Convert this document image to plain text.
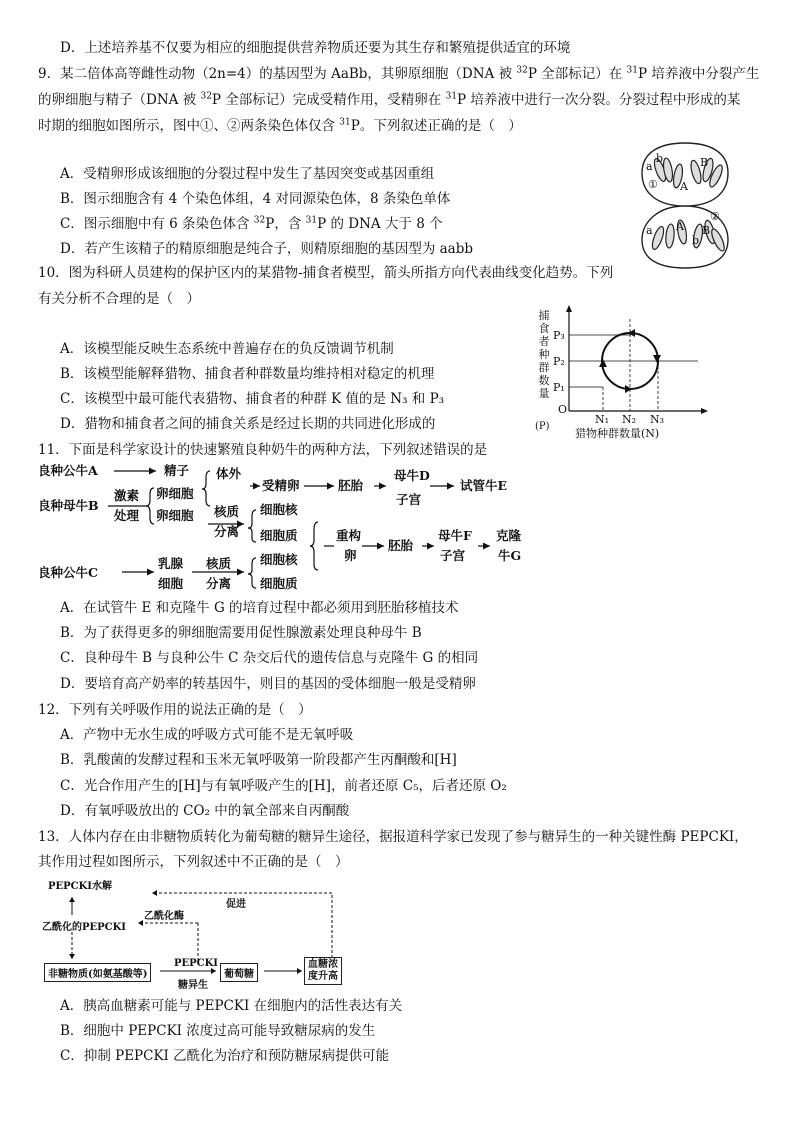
D．上述培养基不仅要为相应的细胞提供营养物质还要为其生存和繁殖提供适宜的环境
9．某二倍体高等雌性动物（2n=4）的基因型为 AaBb，其卵原细胞（DNA 被 $^{32}$P 全部标记）在 $^{31}$P 培养液中分裂产生
的卵细胞与精子（DNA 被 $^{32}$P 全部标记）完成受精作用，受精卵在 $^{31}$P 培养液中进行一次分裂。分裂过程中形成的某
时期的细胞如图所示，图中①、②两条染色体仅含 $^{31}$P。下列叙述正确的是（　）
A．受精卵形成该细胞的分裂过程中发生了基因突变或基因重组
B．图示细胞含有 4 个染色体组，4 对同源染色体，8 条染色单体
C．图示细胞中有 6 条染色体含 $^{32}$P，含 $^{31}$P 的 DNA 大于 8 个
D．若产生该精子的精原细胞是纯合子，则精原细胞的基因型为 aabb
a
b	B
A
①
a A B
②
b
10．图为科研人员建构的保护区内的某猎物-捕食者模型，箭头所指方向代表曲线变化趋势。下列
有关分析不合理的是（　）
A．该模型能反映生态系统中普遍存在的负反馈调节机制
B．该模型能解释猎物、捕食者种群数量均维持相对稳定的机理
C．该模型中最可能代表猎物、捕食者的种群 K 值的是 N₃ 和 P₃
D．猎物和捕食者之间的捕食关系是经过长期的共同进化形成的
捕
食
者
种
群
数
量
(P)
P₃
P₂
P₁
O
N₁ N₂ N₃
猎物种群数量(N)
11．下面是科学家设计的快速繁殖良种奶牛的两种方法，下列叙述错误的是
良种公牛A	精子 体外
受精卵	胚胎
母牛D
子宫
试管牛E
良种母牛B
激素
处理
卵细胞
卵细胞 核质
分离
细胞核
细胞质	重构
卵
胚胎
母牛F
子宫
克隆
牛G
良种公牛C
乳腺
细胞
核质
分离
细胞核
细胞质
A．在试管牛 E 和克隆牛 G 的培育过程中都必须用到胚胎移植技术
B．为了获得更多的卵细胞需要用促性腺激素处理良种母牛 B
C．良种母牛 B 与良种公牛 C 杂交后代的遗传信息与克隆牛 G 的相同
D．要培育高产奶率的转基因牛，则目的基因的受体细胞一般是受精卵
12．下列有关呼吸作用的说法正确的是（　）
A．产物中无水生成的呼吸方式可能不是无氧呼吸
B．乳酸菌的发酵过程和玉米无氧呼吸第一阶段都产生丙酮酸和[H]
C．光合作用产生的[H]与有氧呼吸产生的[H]，前者还原 C₅，后者还原 O₂
D．有氧呼吸放出的 CO₂ 中的氧全部来自丙酮酸
13．人体内存在由非糖物质转化为葡萄糖的糖异生途径，据报道科学家已发现了参与糖异生的一种关键性酶 PEPCKI，
其作用过程如图所示，下列叙述中不正确的是（　）
PEPCKI水解
乙酰化的PEPCKI
乙酰化酶
促进
非糖物质(如氨基酸等)
PEPCKI
糖异生
葡萄糖
血糖浓
度升高
A．胰高血糖素可能与 PEPCKI 在细胞内的活性表达有关
B．细胞中 PEPCKI 浓度过高可能导致糖尿病的发生
C．抑制 PEPCKI 乙酰化为治疗和预防糖尿病提供可能
